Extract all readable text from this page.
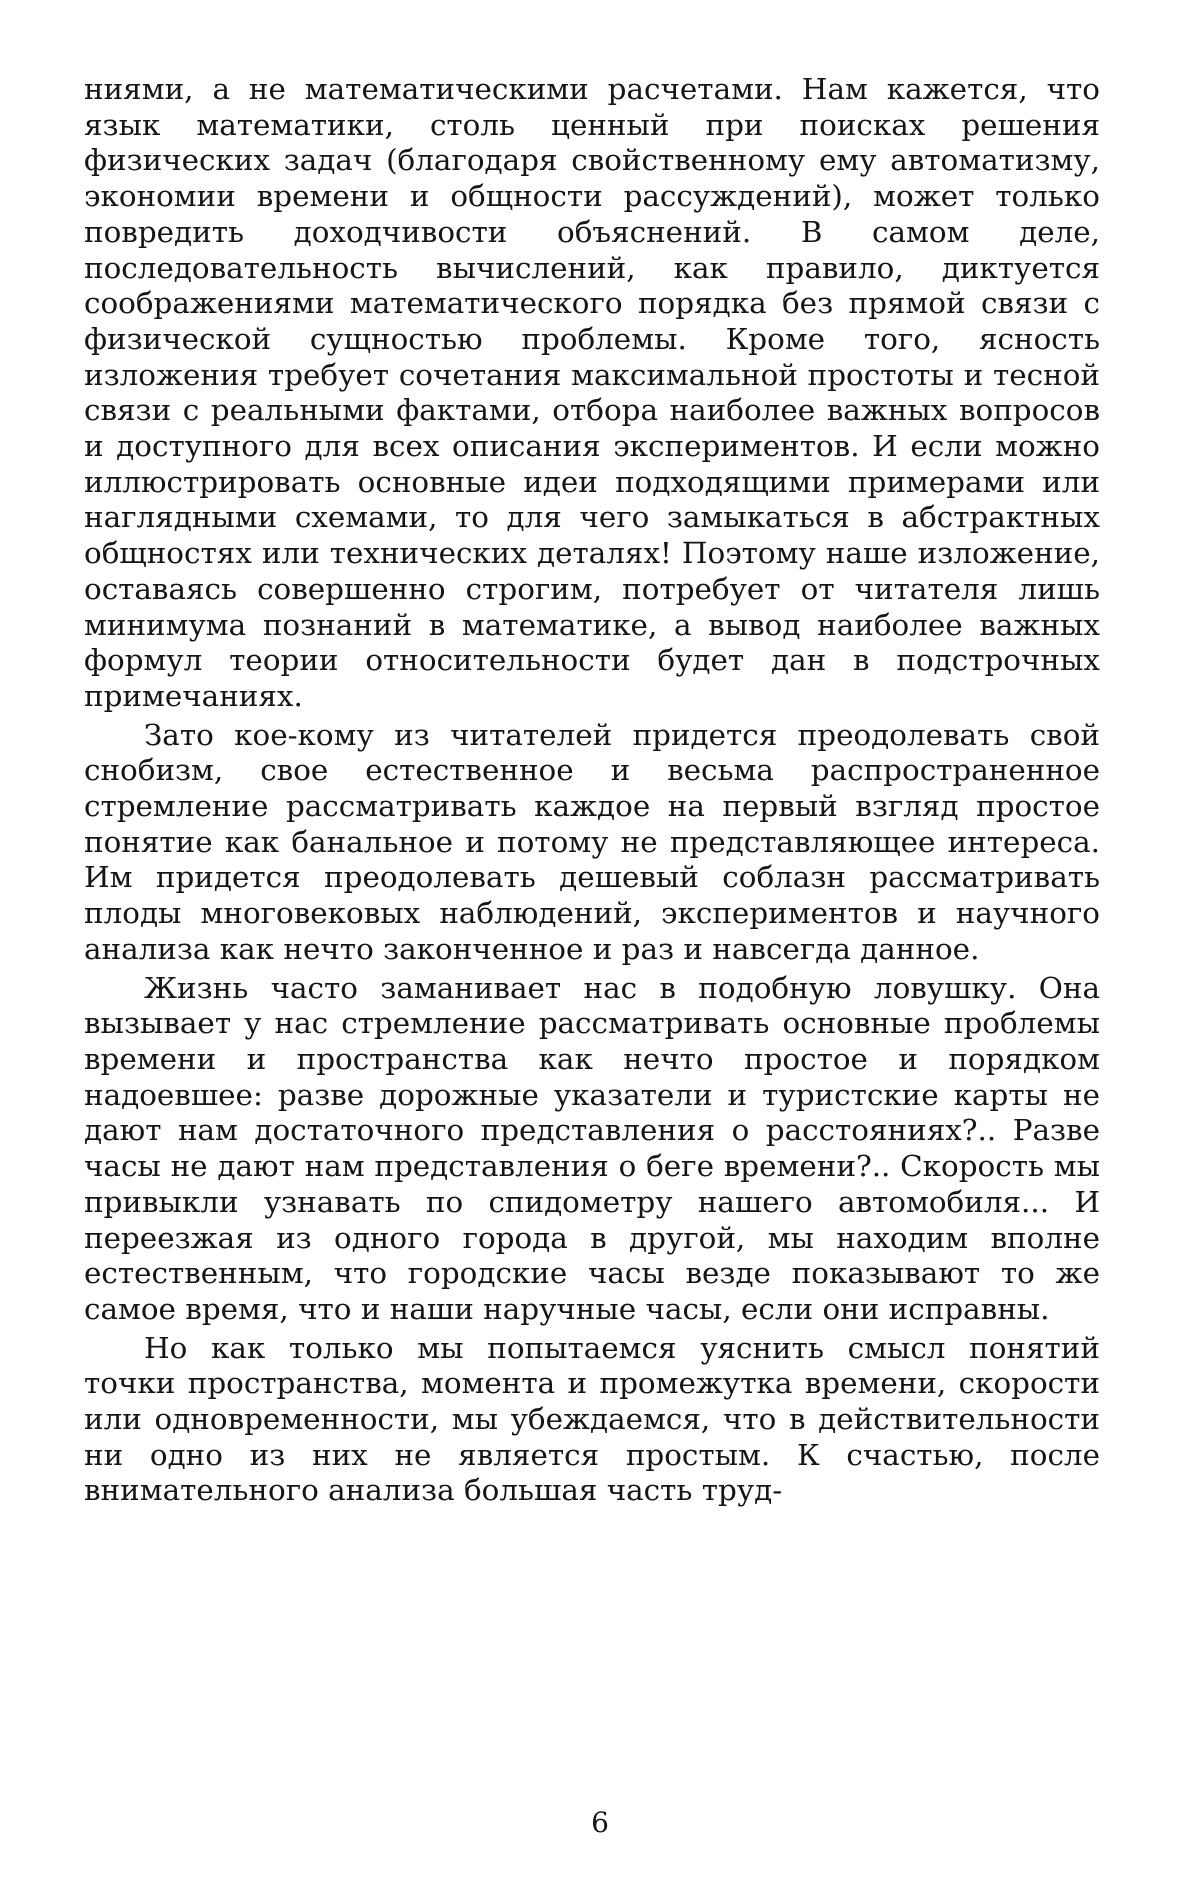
ниями, а не математическими расчетами. Нам кажется, что язык математики, столь ценный при поисках решения физических задач (благодаря свойственному ему автоматизму, экономии времени и общности рассуждений), может только повредить доходчивости объяснений. В самом деле, последовательность вычислений, как правило, диктуется соображениями математического порядка без прямой связи с физической сущностью проблемы. Кроме того, ясность изложения требует сочетания максимальной простоты и тесной связи с реальными фактами, отбора наиболее важных вопросов и доступного для всех описания экспериментов. И если можно иллюстрировать основные идеи подходящими примерами или наглядными схемами, то для чего замыкаться в абстрактных общностях или технических деталях! Поэтому наше изложение, оставаясь совершенно строгим, потребует от читателя лишь минимума познаний в математике, а вывод наиболее важных формул теории относительности будет дан в подстрочных примечаниях.

Зато кое-кому из читателей придется преодолевать свой снобизм, свое естественное и весьма распространенное стремление рассматривать каждое на первый взгляд простое понятие как банальное и потому не представляющее интереса. Им придется преодолевать дешевый соблазн рассматривать плоды многовековых наблюдений, экспериментов и научного анализа как нечто законченное и раз и навсегда данное.

Жизнь часто заманивает нас в подобную ловушку. Она вызывает у нас стремление рассматривать основные проблемы времени и пространства как нечто простое и порядком надоевшее: разве дорожные указатели и туристские карты не дают нам достаточного представления о расстояниях?.. Разве часы не дают нам представления о беге времени?.. Скорость мы привыкли узнавать по спидометру нашего автомобиля... И переезжая из одного города в другой, мы находим вполне естественным, что городские часы везде показывают то же самое время, что и наши наручные часы, если они исправны.

Но как только мы попытаемся уяснить смысл понятий точки пространства, момента и промежутка времени, скорости или одновременности, мы убеждаемся, что в действительности ни одно из них не является простым. К счастью, после внимательного анализа большая часть труд-

6
